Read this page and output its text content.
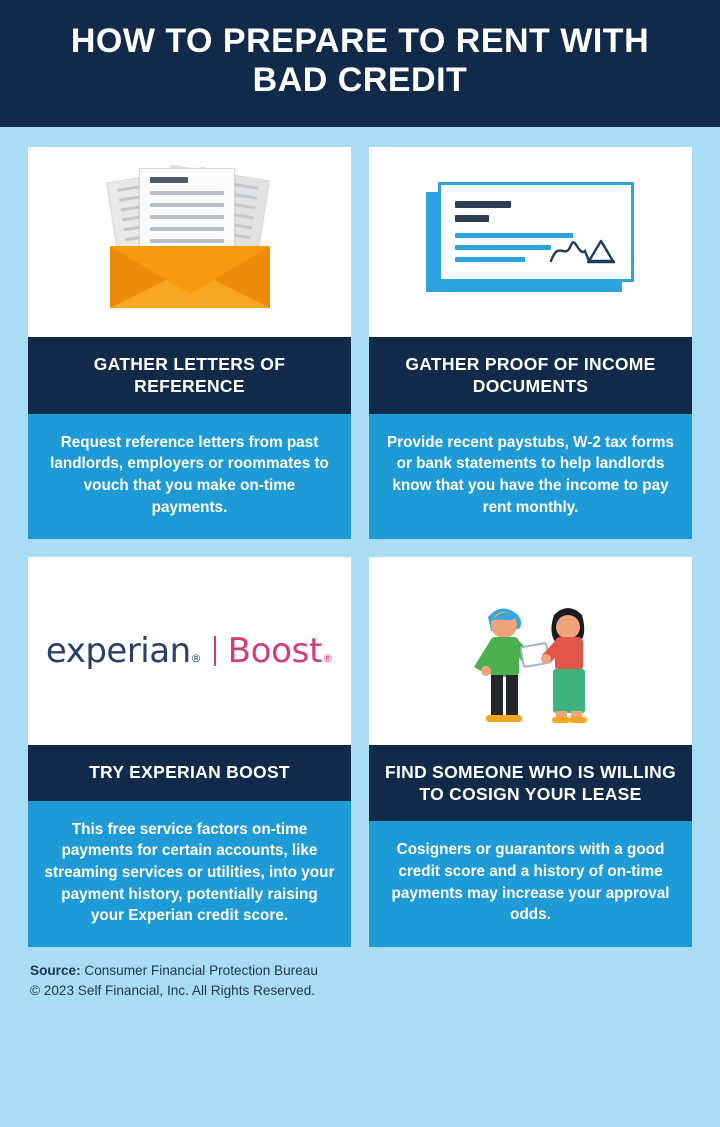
HOW TO PREPARE TO RENT WITH BAD CREDIT
GATHER LETTERS OF REFERENCE
Request reference letters from past landlords, employers or roommates to vouch that you make on-time payments.
GATHER PROOF OF INCOME DOCUMENTS
Provide recent paystubs, W-2 tax forms or bank statements to help landlords know that you have the income to pay rent monthly.
experian ® Boost ®
TRY EXPERIAN BOOST
This free service factors on-time payments for certain accounts, like streaming services or utilities, into your payment history, potentially raising your Experian credit score.
FIND SOMEONE WHO IS WILLING TO COSIGN YOUR LEASE
Cosigners or guarantors with a good credit score and a history of on-time payments may increase your approval odds.
Source: Consumer Financial Protection Bureau
© 2023 Self Financial, Inc. All Rights Reserved.
